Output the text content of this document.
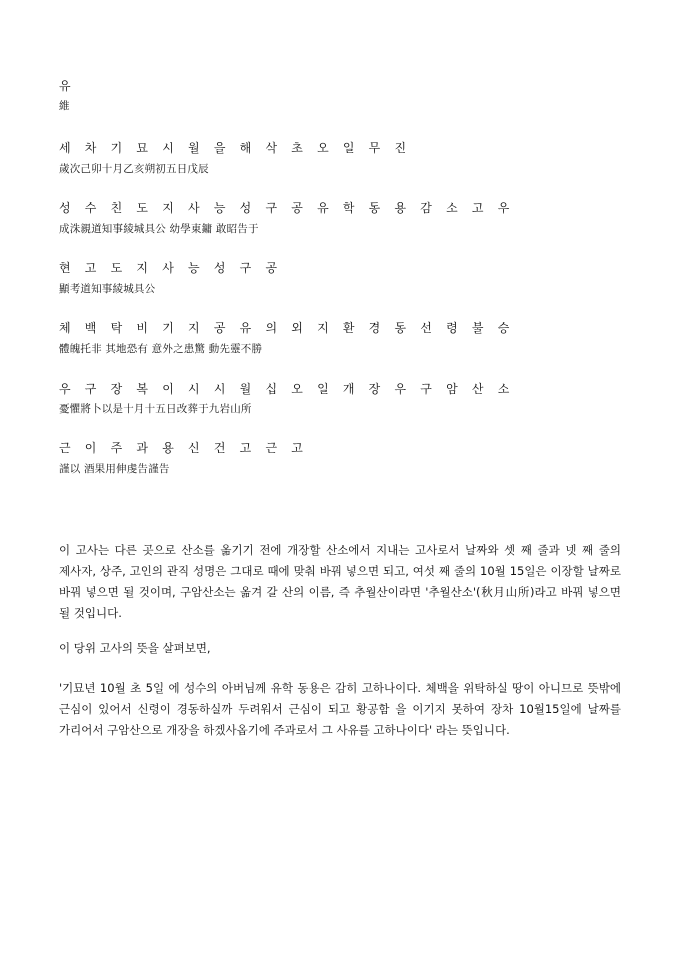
유
維
세 차 기 묘 시 월 을 해 삭 초 오 일 무 진
歲次己卯十月乙亥朔初五日戊辰
성 수 친 도 지 사 능 성 구 공 유 학 동 용 감 소 고 우
成洙親道知事綾城具公 幼學東鏞 敢昭告于
현 고 도 지 사 능 성 구 공
顯考道知事綾城具公
체 백 탁 비 기 지 공 유 의 외 지 환 경 동 선 령 불 승
體魄托非 其地恐有 意外之患驚 動先靈不勝
우 구 장 복 이 시 시 월 십 오 일 개 장 우 구 암 산 소
憂懼將卜以是十月十五日改葬于九岩山所
근 이 주 과 용 신 건 고 근 고
謹以 酒果用伸虔告謹告
이 고사는 다른 곳으로 산소를 옮기기 전에 개장할 산소에서 지내는 고사로서 날짜와 셋 째 줄과 넷 째 줄의 제사자, 상주, 고인의 관직 성명은 그대로 때에 맞춰 바꿔 넣으면 되고, 여섯 째 줄의 10월 15일은 이장할 날짜로 바꿔 넣으면 될 것이며, 구암산소는 옮겨 갈 산의 이름, 즉 추월산이라면 '추월산소'(秋月山所)라고 바꿔 넣으면 될 것입니다.
이 당위 고사의 뜻을 살펴보면,
'기묘년 10월 초 5일 에 성수의 아버님께 유학 동용은 감히 고하나이다. 체백을 위탁하실 땅이 아니므로 뜻밖에 근심이 있어서 신령이 경동하실까 두려워서 근심이 되고 황공함 을 이기지 못하여 장차 10월15일에 날짜를 가리어서 구암산으로 개장을 하겠사옵기에 주과로서 그 사유를 고하나이다' 라는 뜻입니다.
